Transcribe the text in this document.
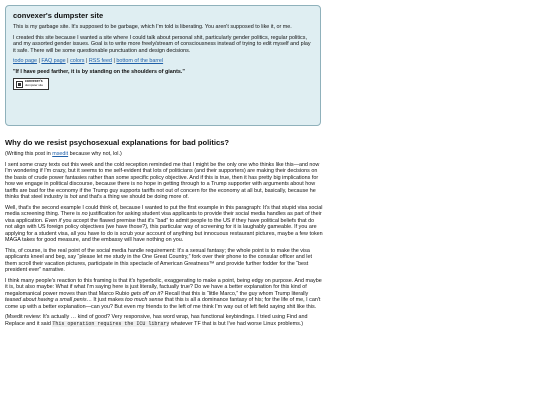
convexer's dumpster site

This is my garbage site. It's supposed to be garbage, which I'm told is liberating. You aren't supposed to like it, or me.

I created this site because I wanted a site where I could talk about personal shit, particularly gender politics, regular politics, and my assorted gender issues. Goal is to write more freely/stream of consciousness instead of trying to edit myself and play it safe. There will be some questionable punctuation and design decisions.

todo page | FAQ page | colors | RSS feed | bottom of the barrel

"If I have peed farther, it is by standing on the shoulders of giants."

convexer's
dumpster site
Why do we resist psychosexual explanations for bad politics?

(Writing this post in msedit because why not, lol.)

I sent some crazy texts out this week and the cold reception reminded me that I might be the only one who thinks like this—and now I'm wondering if I'm crazy, but it seems to me self-evident that lots of politicians (and their supporters) are making their decisions on the basis of crude power fantasies rather than some specific policy objective. And if this is true, then it has pretty big implications for how we engage in political discourse, because there is no hope in getting through to a Trump supporter with arguments about how tariffs are bad for the economy if the Trump guy supports tariffs not out of concern for the economy at all but, basically, because he thinks that steel industry is hot and that's a thing we should be doing more of.

Well, that's the second example I could think of, because I wanted to put the first example in this paragraph: It's that stupid visa social media screening thing. There is no justification for asking student visa applicants to provide their social media handles as part of their visa application. Even if you accept the flawed premise that it's “bad” to admit people to the US if they have political beliefs that do not align with US foreign policy objectives (we have those?), this particular way of screening for it is laughably gameable. If you are applying for a student visa, all you have to do is scrub your account of anything but innocuous restaurant pictures, maybe a few token MAGA takes for good measure, and the embassy will have nothing on you.

This, of course, is the real point of the social media handle requirement: It's a sexual fantasy; the whole point is to make the visa applicants kneel and beg, say “please let me study in the One Great Country,” fork over their phone to the consular officer and let them scroll their vacation pictures, participate in this spectacle of American Greatness™ and provide further fodder for the “best president ever” narrative.

I think many people's reaction to this framing is that it's hyperbolic, exaggerating to make a point, being edgy on purpose. And maybe it is, but also maybe: What if what I'm saying here is just literally, factually true? Do we have a better explanation for this kind of megalomanical power moves than that Marco Rubio gets off on it? Recall that this is “little Marco,” the guy whom Trump literally teased about having a small penis… It just makes too much sense that this is all a dominance fantasy of his; for the life of me, I can't come up with a better explanation—can you? But even my friends to the left of me think I'm way out of left field saying shit like this.

(Msedit review: It's actually … kind of good? Very responsive, has word wrap, has functional keybindings. I tried using Find and Replace and it said This operation requires the ICU library whatever TF that is but I've had worse Linux problems.)
